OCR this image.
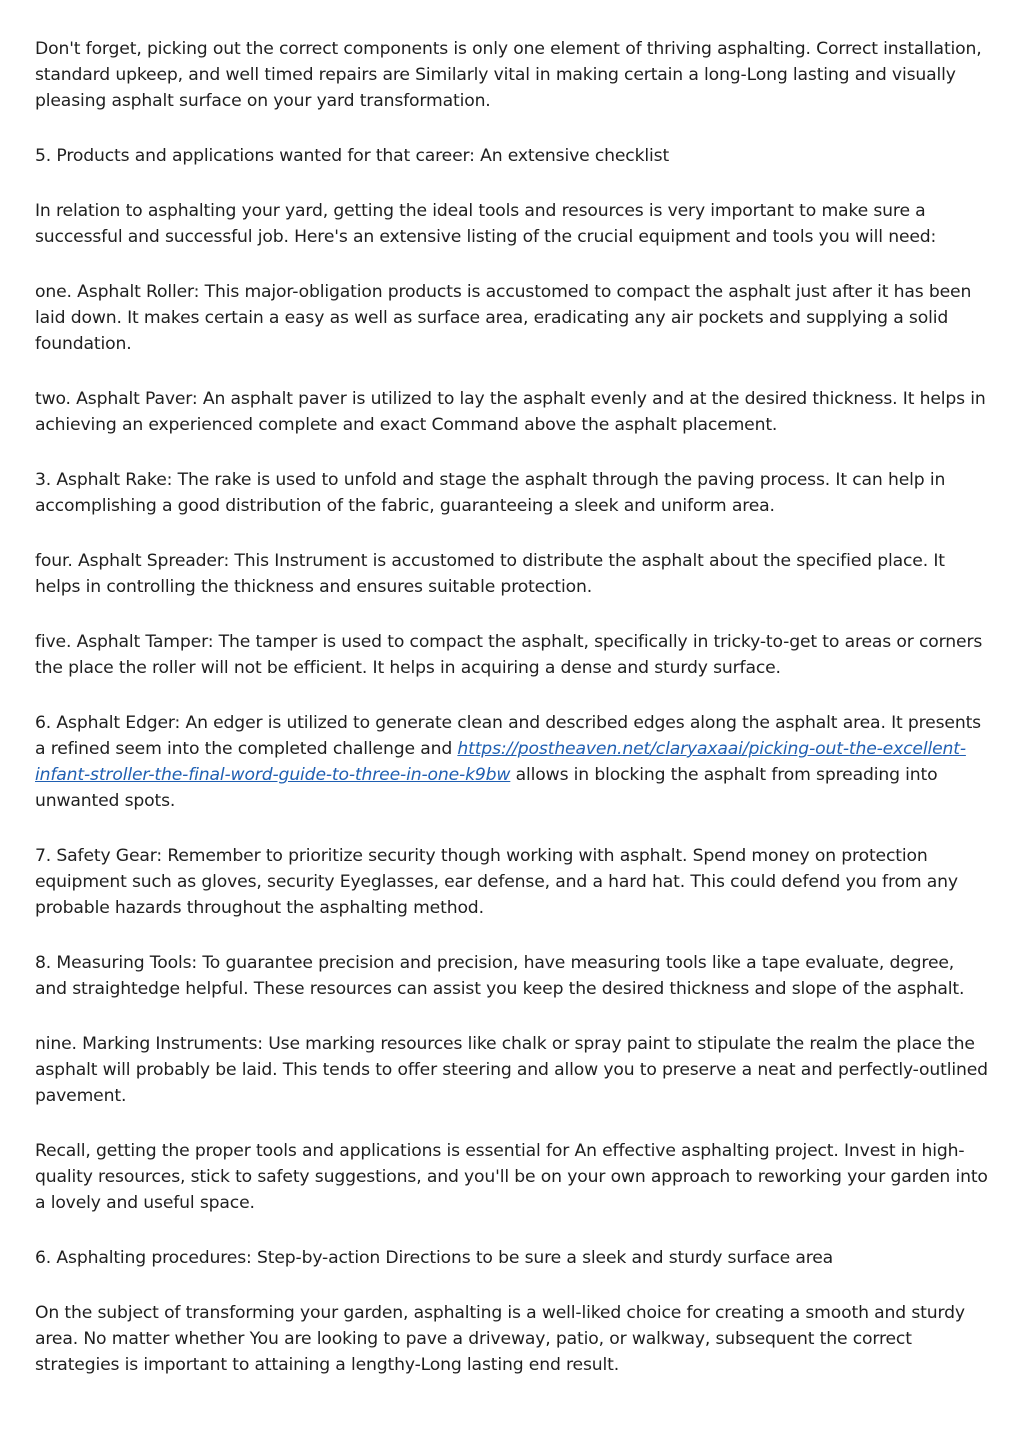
Don't forget, picking out the correct components is only one element of thriving asphalting. Correct installation, standard upkeep, and well timed repairs are Similarly vital in making certain a long-Long lasting and visually pleasing asphalt surface on your yard transformation.

5. Products and applications wanted for that career: An extensive checklist

In relation to asphalting your yard, getting the ideal tools and resources is very important to make sure a successful and successful job. Here's an extensive listing of the crucial equipment and tools you will need:

one. Asphalt Roller: This major-obligation products is accustomed to compact the asphalt just after it has been laid down. It makes certain a easy as well as surface area, eradicating any air pockets and supplying a solid foundation.

two. Asphalt Paver: An asphalt paver is utilized to lay the asphalt evenly and at the desired thickness. It helps in achieving an experienced complete and exact Command above the asphalt placement.

3. Asphalt Rake: The rake is used to unfold and stage the asphalt through the paving process. It can help in accomplishing a good distribution of the fabric, guaranteeing a sleek and uniform area.

four. Asphalt Spreader: This Instrument is accustomed to distribute the asphalt about the specified place. It helps in controlling the thickness and ensures suitable protection.

five. Asphalt Tamper: The tamper is used to compact the asphalt, specifically in tricky-to-get to areas or corners the place the roller will not be efficient. It helps in acquiring a dense and sturdy surface.

6. Asphalt Edger: An edger is utilized to generate clean and described edges along the asphalt area. It presents a refined seem into the completed challenge and https://postheaven.net/claryaxaai/picking-out-the-excellent-infant-stroller-the-final-word-guide-to-three-in-one-k9bw allows in blocking the asphalt from spreading into unwanted spots.

7. Safety Gear: Remember to prioritize security though working with asphalt. Spend money on protection equipment such as gloves, security Eyeglasses, ear defense, and a hard hat. This could defend you from any probable hazards throughout the asphalting method.

8. Measuring Tools: To guarantee precision and precision, have measuring tools like a tape evaluate, degree, and straightedge helpful. These resources can assist you keep the desired thickness and slope of the asphalt.

nine. Marking Instruments: Use marking resources like chalk or spray paint to stipulate the realm the place the asphalt will probably be laid. This tends to offer steering and allow you to preserve a neat and perfectly-outlined pavement.

Recall, getting the proper tools and applications is essential for An effective asphalting project. Invest in high-quality resources, stick to safety suggestions, and you'll be on your own approach to reworking your garden into a lovely and useful space.

6. Asphalting procedures: Step-by-action Directions to be sure a sleek and sturdy surface area

On the subject of transforming your garden, asphalting is a well-liked choice for creating a smooth and sturdy area. No matter whether You are looking to pave a driveway, patio, or walkway, subsequent the correct strategies is important to attaining a lengthy-Long lasting end result.
